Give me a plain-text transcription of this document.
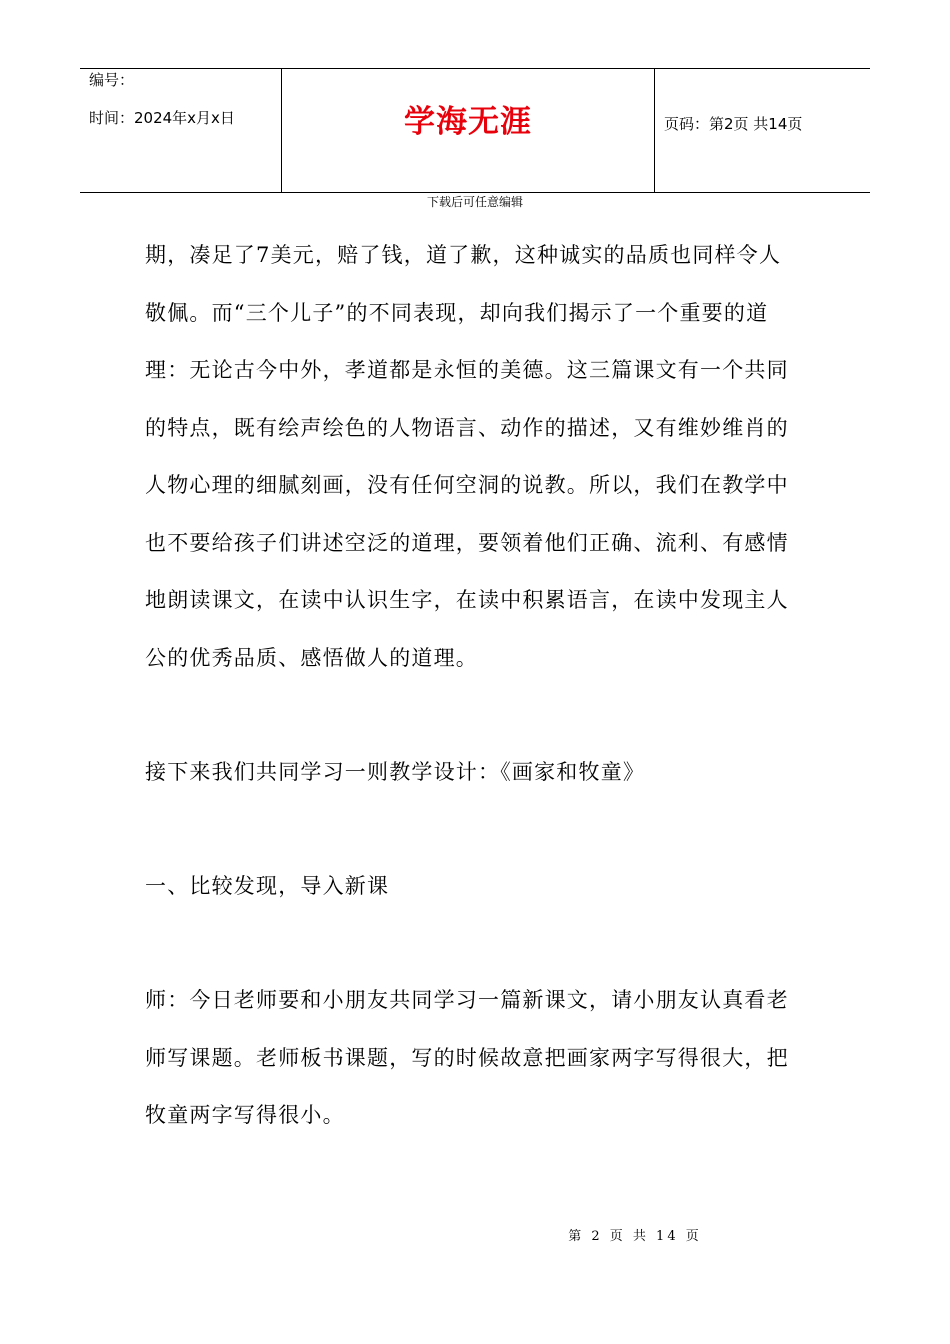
编号：
时间：2024年x月x日	学海无涯	页码：第2页 共14页
下载后可任意编辑
期，凑足了7美元，赔了钱，道了歉，这种诚实的品质也同样令人
敬佩。而“三个儿子”的不同表现，却向我们揭示了一个重要的道
理：无论古今中外，孝道都是永恒的美德。这三篇课文有一个共同
的特点，既有绘声绘色的人物语言、动作的描述，又有维妙维肖的
人物心理的细腻刻画，没有任何空洞的说教。所以，我们在教学中
也不要给孩子们讲述空泛的道理，要领着他们正确、流利、有感情
地朗读课文，在读中认识生字，在读中积累语言，在读中发现主人
公的优秀品质、感悟做人的道理。
接下来我们共同学习一则教学设计：《画家和牧童》
一、比较发现，导入新课
师：今日老师要和小朋友共同学习一篇新课文，请小朋友认真看老
师写课题。老师板书课题，写的时候故意把画家两字写得很大，把
牧童两字写得很小。
第 2 页 共 14 页
